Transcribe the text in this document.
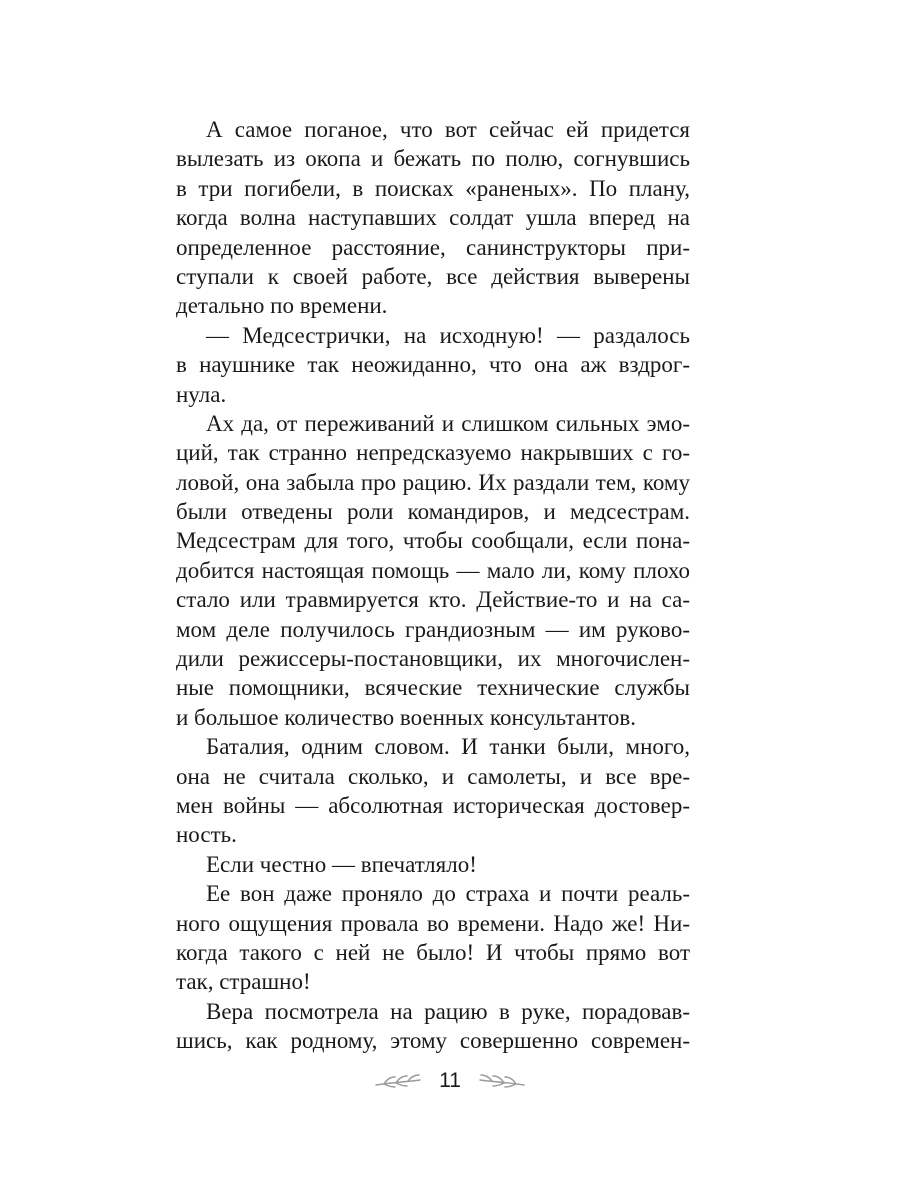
А самое поганое, что вот сейчас ей придется
вылезать из окопа и бежать по полю, согнувшись
в три погибели, в поисках «раненых». По плану,
когда волна наступавших солдат ушла вперед на
определенное расстояние, санинструкторы при-
ступали к своей работе, все действия выверены
детально по времени.
— Медсестрички, на исходную! — раздалось
в наушнике так неожиданно, что она аж вздрог-
нула.
Ах да, от переживаний и слишком сильных эмо-
ций, так странно непредсказуемо накрывших с го-
ловой, она забыла про рацию. Их раздали тем, кому
были отведены роли командиров, и медсестрам.
Медсестрам для того, чтобы сообщали, если пона-
добится настоящая помощь — мало ли, кому плохо
стало или травмируется кто. Действие-то и на са-
мом деле получилось грандиозным — им руково-
дили режиссеры-постановщики, их многочислен-
ные помощники, всяческие технические службы
и большое количество военных консультантов.
Баталия, одним словом. И танки были, много,
она не считала сколько, и самолеты, и все вре-
мен войны — абсолютная историческая достовер-
ность.
Если честно — впечатляло!
Ее вон даже проняло до страха и почти реаль-
ного ощущения провала во времени. Надо же! Ни-
когда такого с ней не было! И чтобы прямо вот
так, страшно!
Вера посмотрела на рацию в руке, порадовав-
шись, как родному, этому совершенно современ-
11
